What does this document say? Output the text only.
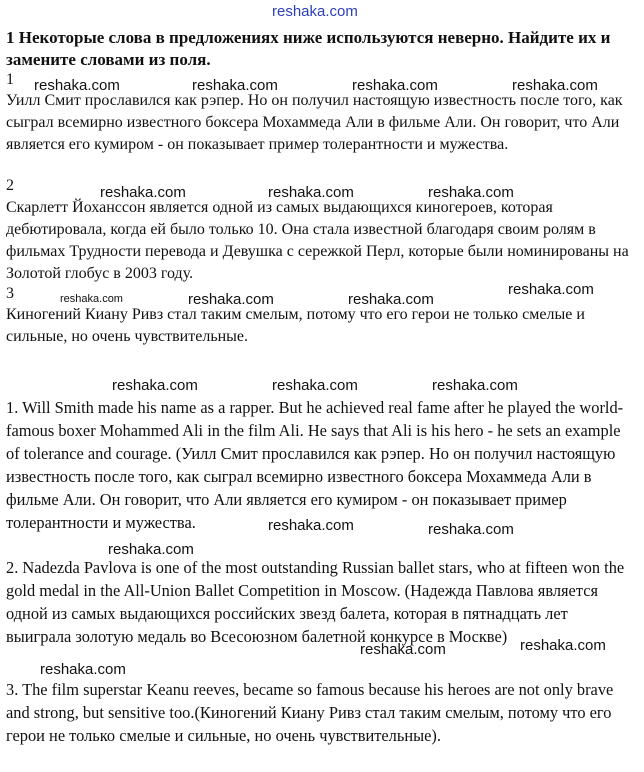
reshaka.com
1 Некоторые слова в предложениях ниже используются неверно. Найдите их и замените словами из поля.
1 reshaka.com	reshaka.com	reshaka.com	reshaka.com
Уилл Смит прославился как рэпер. Но он получил настоящую известность после того, как сыграл всемирно известного боксера Мохаммеда Али в фильме Али. Он говорит, что Али является его кумиром - он показывает пример толерантности и мужества.
2	reshaka.com	reshaka.com	reshaka.com
Скарлетт Йохансcон является одной из самых выдающихся киногероев, которая дебютировала, когда ей было только 10. Она стала известной благодаря своим ролям в фильмах Трудности перевода и Девушка с сережкой Перл, которые были номинированы на Золотой глобус в 2003 году.
3	reshaka.com	reshaka.com	reshaka.com
reshaka.com
Киногений Киану Ривз стал таким смелым, потому что его герои не только смелые и сильные, но очень чувствительные.
reshaka.com	reshaka.com	reshaka.com
1. Will Smith made his name as a rapper. But he achieved real fame after he played the world-famous boxer Mohammed Ali in the film Ali. He says that Ali is his hero - he sets an example of tolerance and courage. (Уилл Смит прославился как рэпер. Но он получил настоящую известность после того, как сыграл всемирно известного боксера Мохаммеда Али в фильме Али. Он говорит, что Али является его кумиром - он показывает пример толерантности и мужества.	reshaka.com	reshaka.com
reshaka.com
2. Nadezda Pavlova is one of the most outstanding Russian ballet stars, who at fifteen won the gold medal in the All-Union Ballet Competition in Moscow. (Надежда Павлова является одной из самых выдающихся российских звезд балета, которая в пятнадцать лет выиграла золотую медаль во Всесоюзном балетной конкурсе в Москве)
reshaka.com	reshaka.com
reshaka.com
3. The film superstar Keanu reeves, became so famous because his heroes are not only brave and strong, but sensitive too.(Киногений Киану Ривз стал таким смелым, потому что его герои не только смелые и сильные, но очень чувствительные).
